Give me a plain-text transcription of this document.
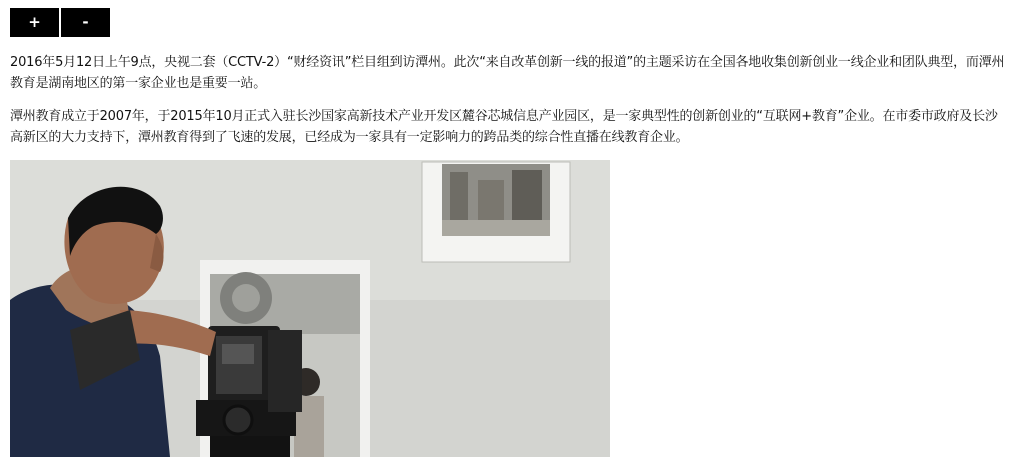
+	-

2016年5月12日上午9点，央视二套（CCTV-2）“财经资讯”栏目组到访潭州。此次“来自改革创新一线的报道”的主题采访在全国各地收集创新创业一线企业和团队典型，而潭州教育是湖南地区的第一家企业也是重要一站。

潭州教育成立于2007年，于2015年10月正式入驻长沙国家高新技术产业开发区麓谷芯城信息产业园区，是一家典型性的创新创业的“互联网+教育”企业。在市委市政府及长沙高新区的大力支持下，潭州教育得到了飞速的发展，已经成为一家具有一定影响力的跨品类的综合性直播在线教育企业。
